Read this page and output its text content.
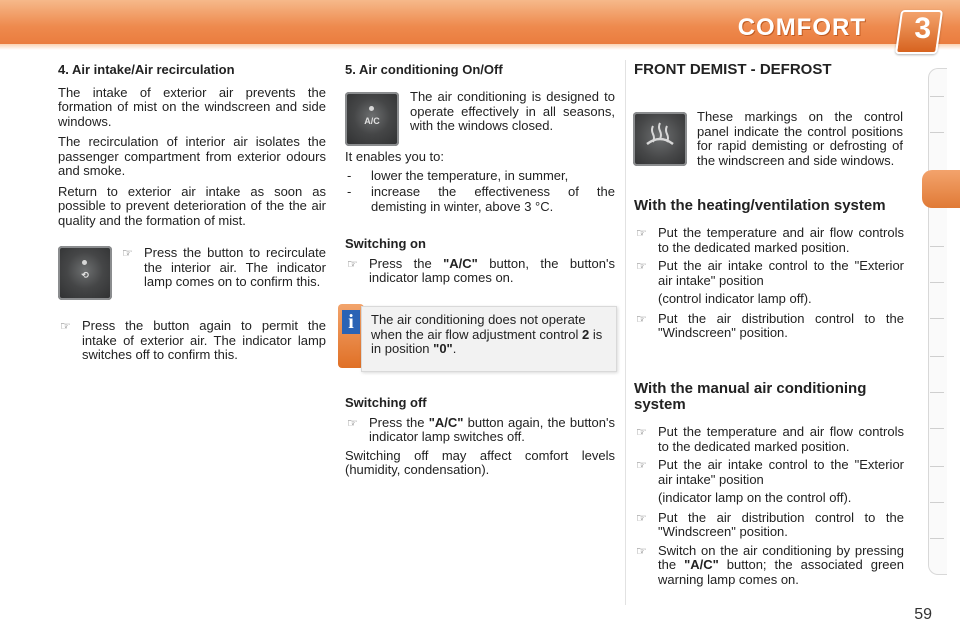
COMFORT 3
4. Air intake/Air recirculation

The intake of exterior air prevents the formation of mist on the windscreen and side windows.

The recirculation of interior air isolates the passenger compartment from exterior odours and smoke.

Return to exterior air intake as soon as possible to prevent deterioration of the the air quality and the formation of mist.

⟲
☞ Press the button to recirculate the interior air. The indicator lamp comes on to confirm this.
☞ Press the button again to permit the intake of exterior air. The indicator lamp switches off to confirm this.
5. Air conditioning On/Off
A/C

The air conditioning is designed to operate effectively in all seasons, with the windows closed.

It enables you to:

- lower the temperature, in summer,
- increase the effectiveness of the demisting in winter, above 3 °C.
Switching on
☞ Press the "A/C" button, the button's indicator lamp comes on.
i	The air conditioning does not operate when the air flow adjustment control 2 is in position "0".
Switching off
☞ Press the "A/C" button again, the button's indicator lamp switches off.

Switching off may affect comfort levels (humidity, condensation).

FRONT DEMIST - DEFROST

These markings on the control panel indicate the control positions for rapid demisting or defrosting of the windscreen and side windows.

With the heating/ventilation system
☞ Put the temperature and air flow controls to the dedicated marked position.
☞ Put the air intake control to the "Exterior air intake" position
(control indicator lamp off).
☞ Put the air distribution control to the "Windscreen" position.
With the manual air conditioning system
☞ Put the temperature and air flow controls to the dedicated marked position.
☞ Put the air intake control to the "Exterior air intake" position
(indicator lamp on the control off).
☞ Put the air distribution control to the "Windscreen" position.
☞ Switch on the air conditioning by pressing the "A/C" button; the associated green warning lamp comes on.
59
